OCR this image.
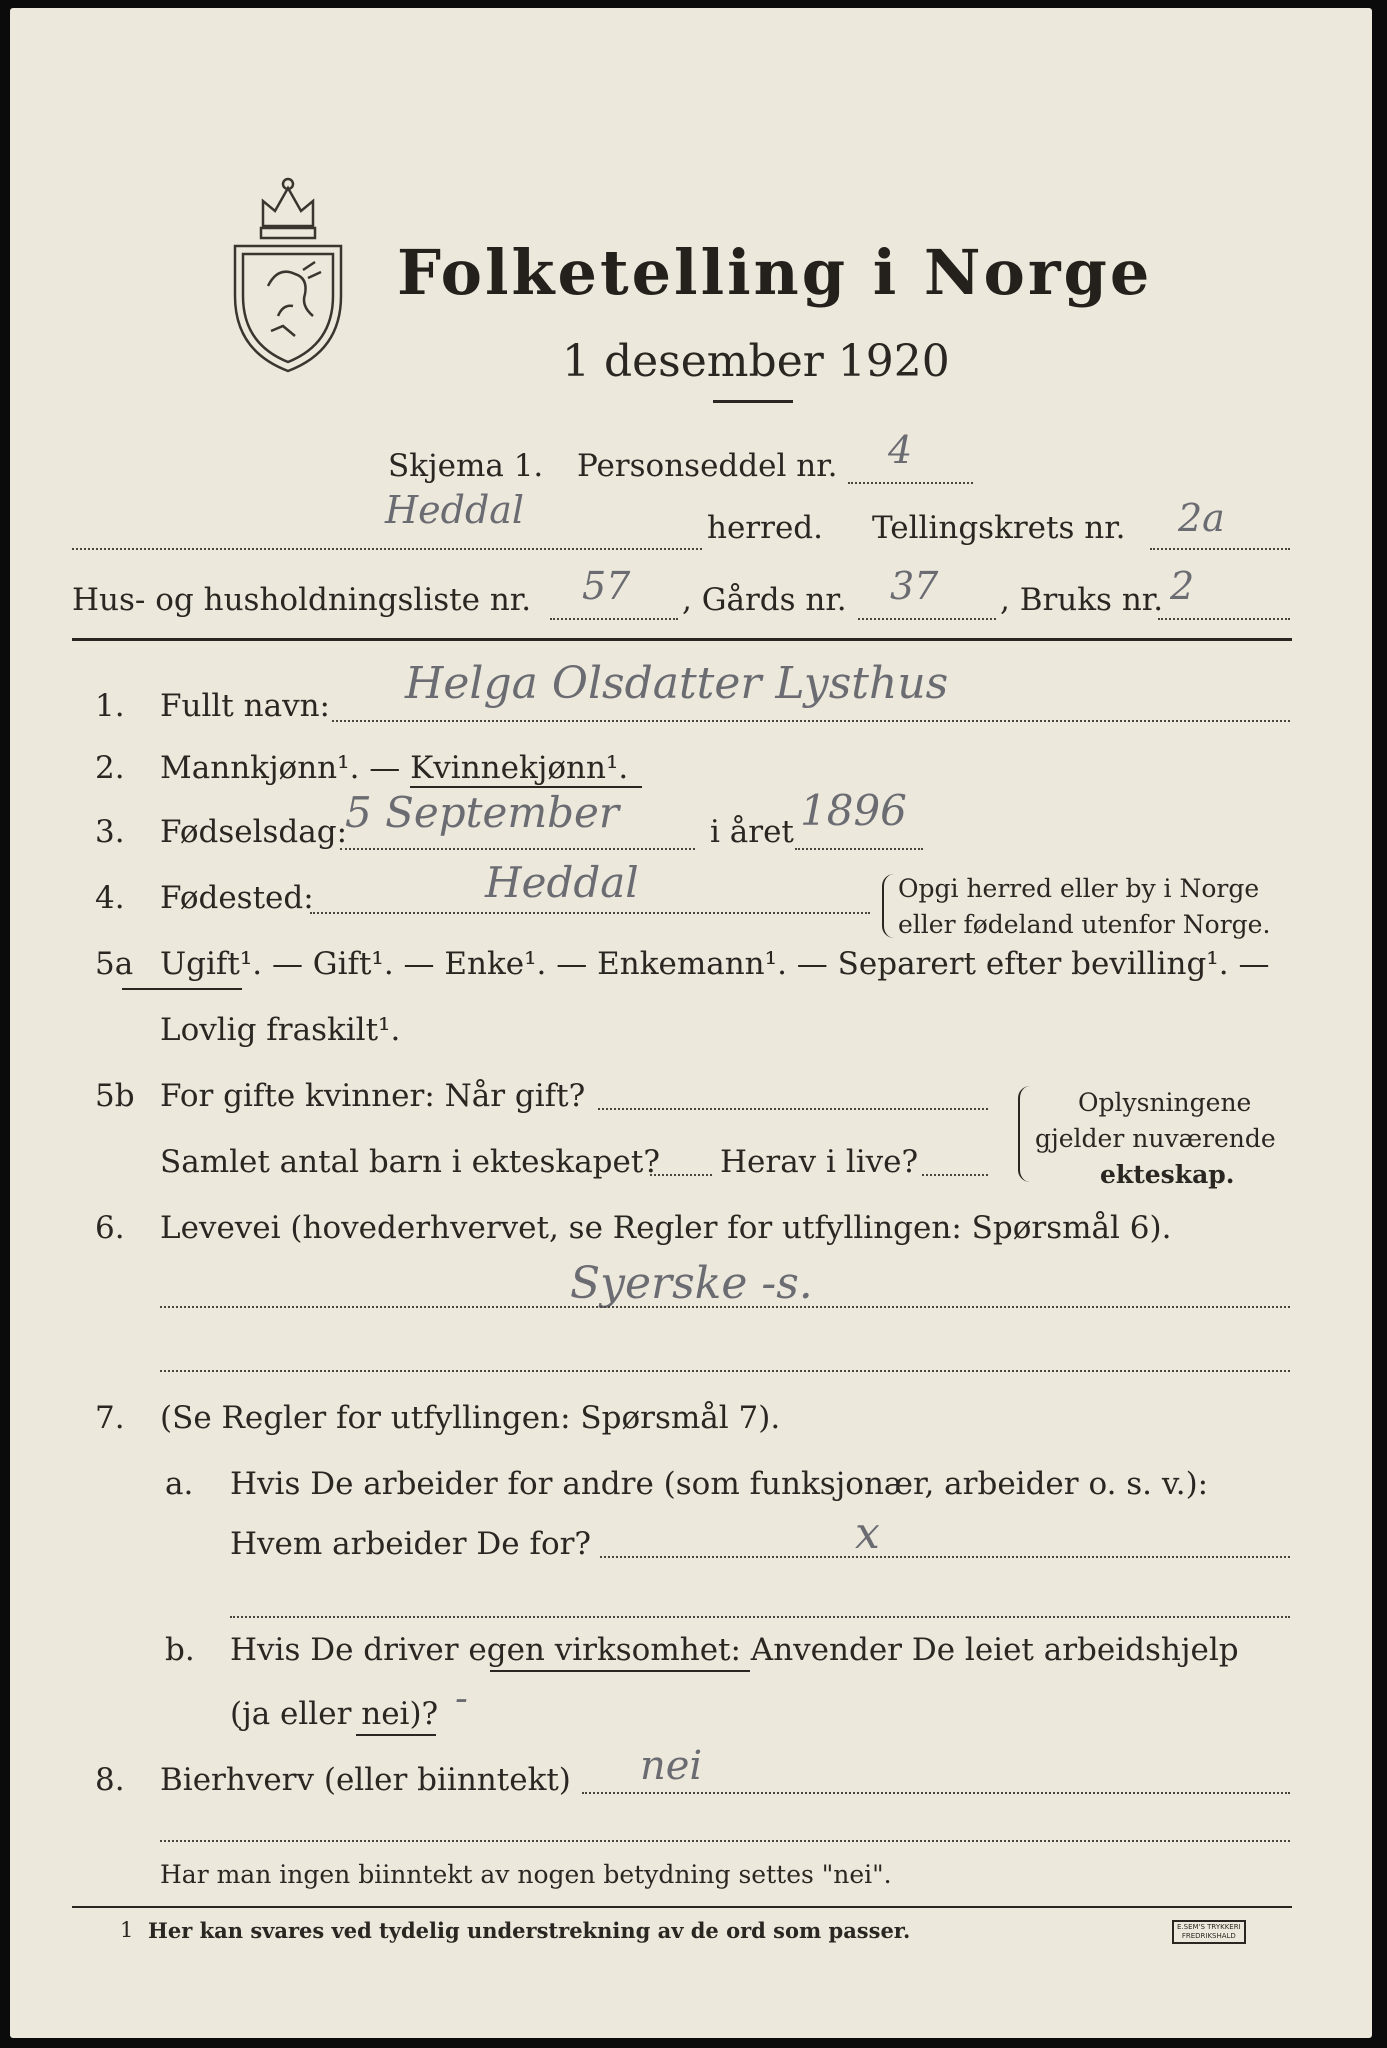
Folketelling i Norge
1 desember 1920
Skjema 1. Personseddel nr. 4
Heddal	herred. Tellingskrets nr. 2a
Hus- og husholdningsliste nr. 57 , Gårds nr. 37 , Bruks nr. 2
1. Fullt navn: Helga Olsdatter Lysthus
2. Mannkjønn¹. — Kvinnekjønn¹.
3. Fødselsdag:
5 September	i året 1896
4. Fødested:	Heddal	Opgi herred eller by i Norge
eller fødeland utenfor Norge.
5a Ugift¹. — Gift¹. — Enke¹. — Enkemann¹. — Separert efter bevilling¹. —
Lovlig fraskilt¹.
5b For gifte kvinner: Når gift?
Samlet antal barn i ekteskapet? Herav i live?
Oplysningene
gjelder nuværende
ekteskap.
6. Levevei (hovederhvervet, se Regler for utfyllingen: Spørsmål 6).
Syerske -s.
7. (Se Regler for utfyllingen: Spørsmål 7).
a. Hvis De arbeider for andre (som funksjonær, arbeider o. s. v.):
Hvem arbeider De for?	x
b. Hvis De driver egen virksomhet: Anvender De leiet arbeidshjelp
(ja eller nei)? -
8. Bierhverv (eller biinntekt) nei
Har man ingen biinntekt av nogen betydning settes "nei".
1 Her kan svares ved tydelig understrekning av de ord som passer.	E.SEM'S TRYKKERI
FREDRIKSHALD
